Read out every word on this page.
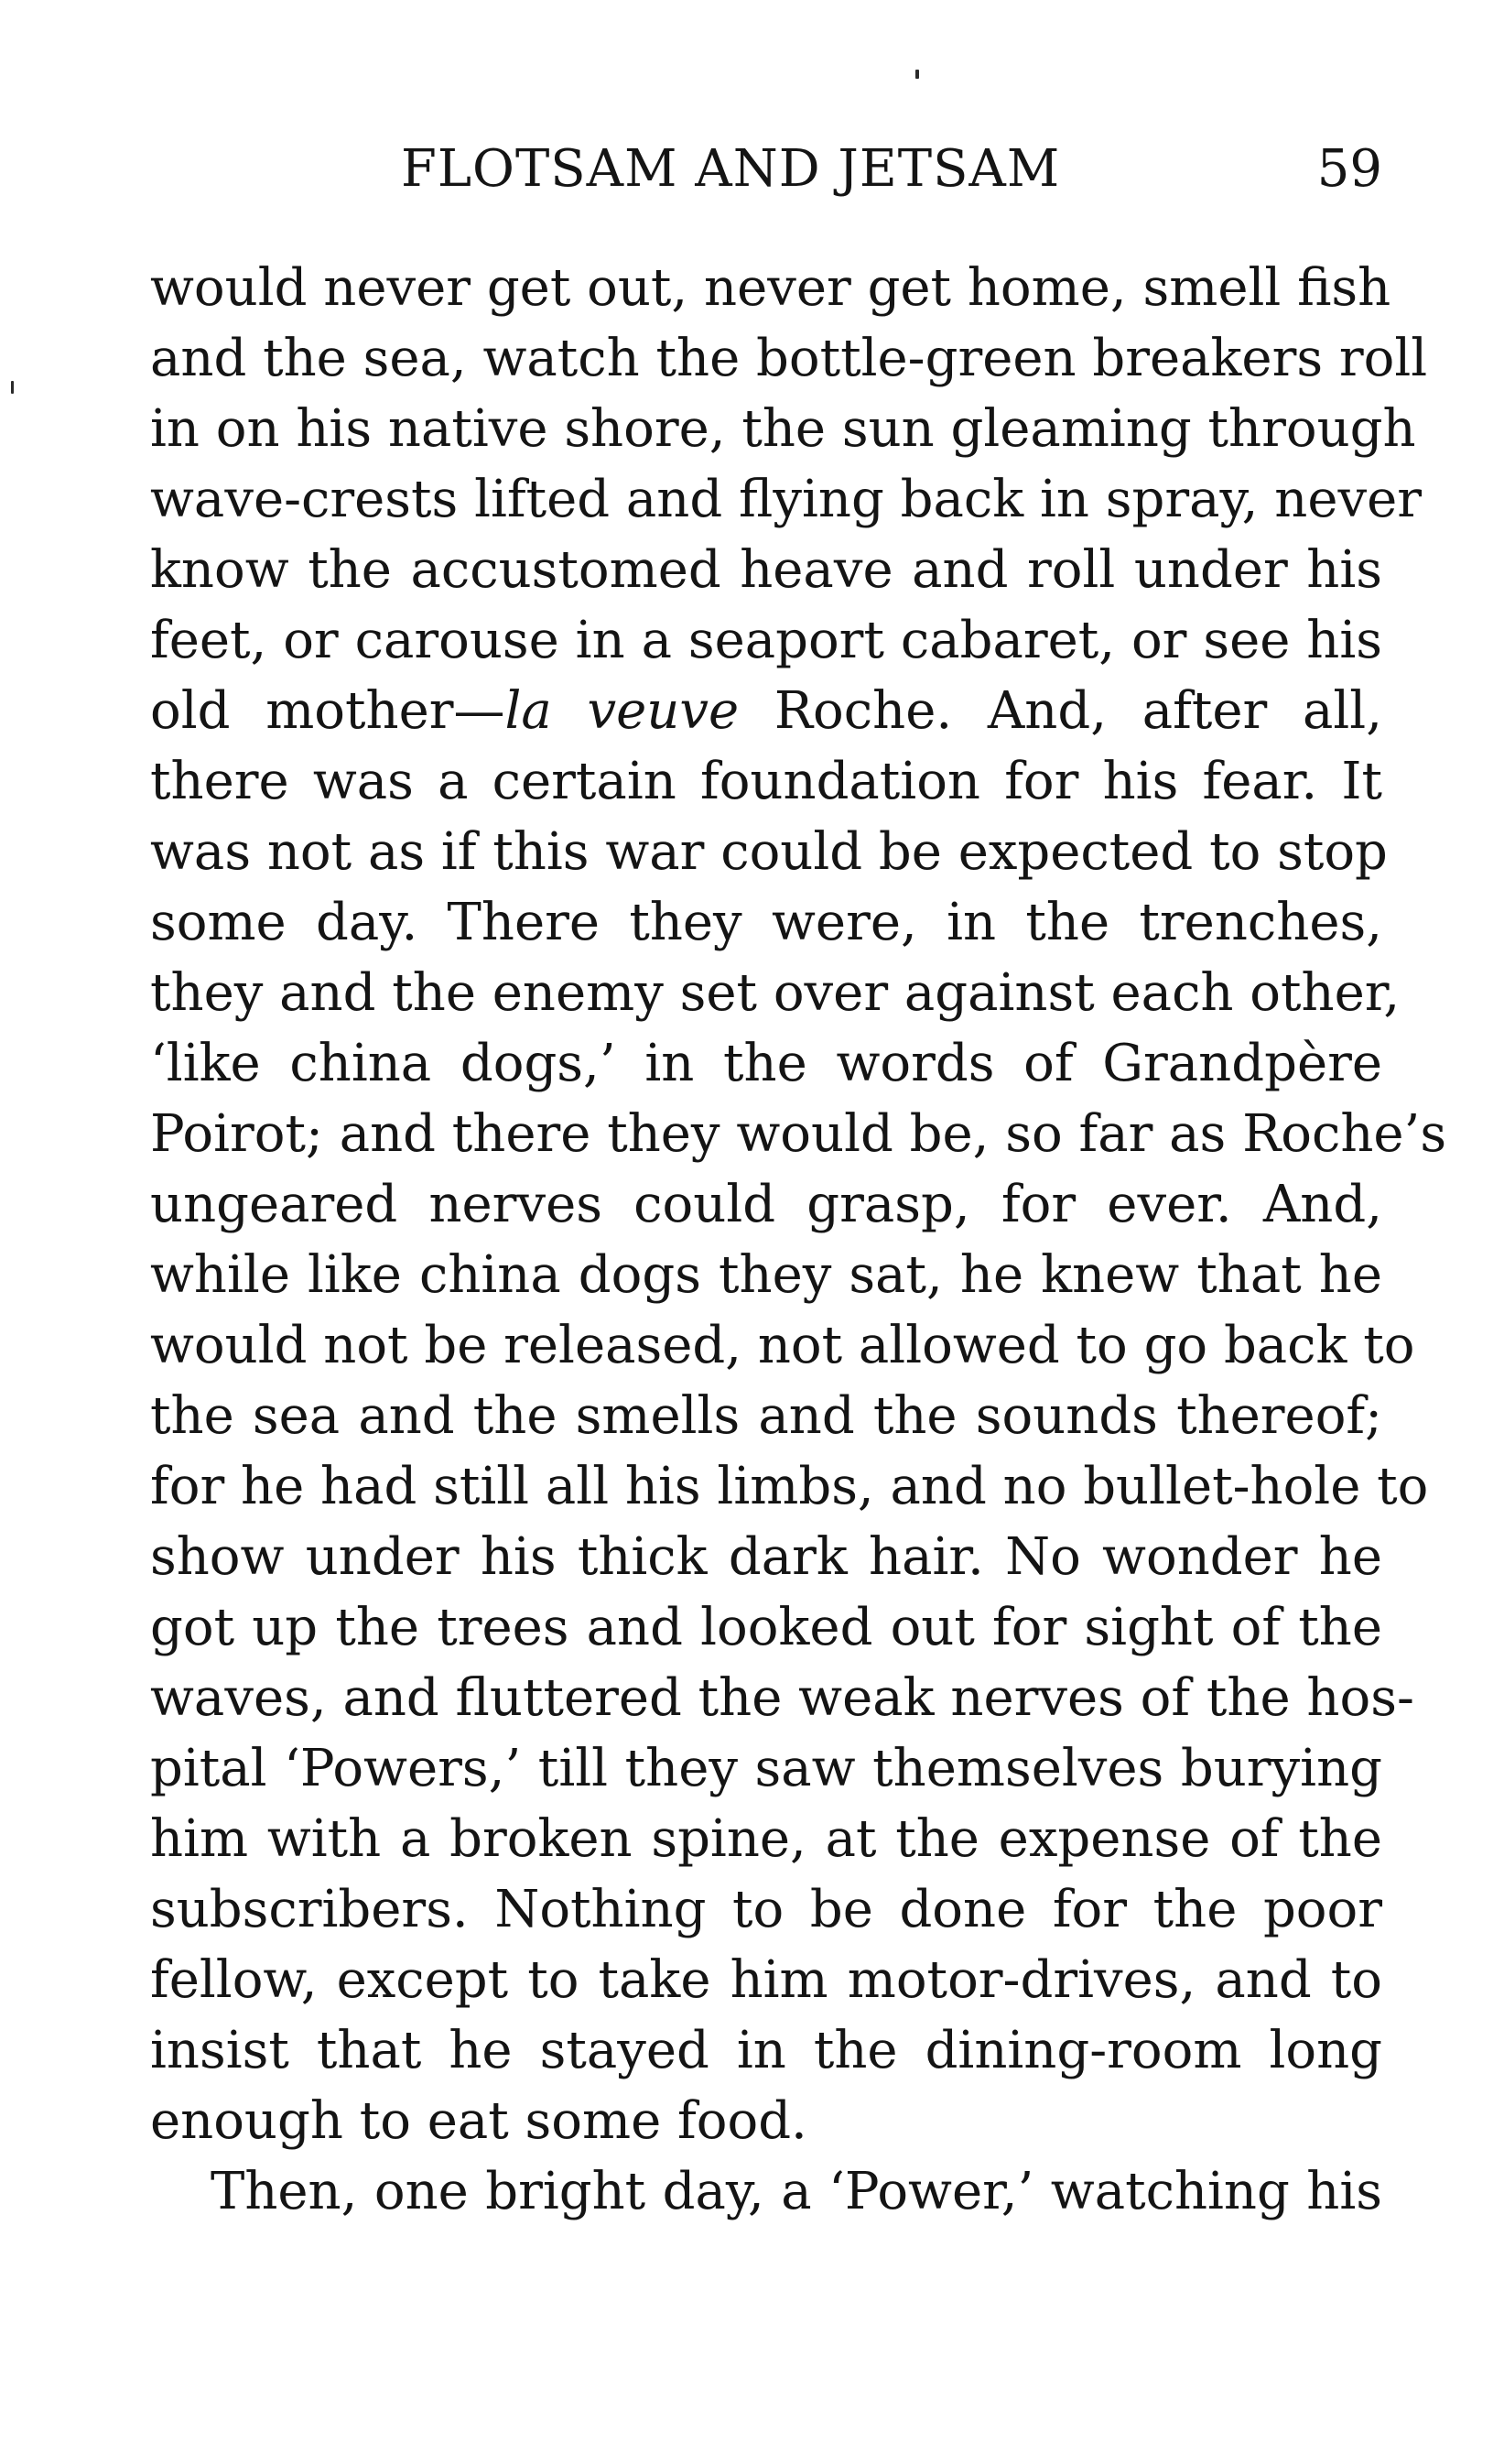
FLOTSAM AND JETSAM	59
would never get out, never get home, smell fish
and the sea, watch the bottle-green breakers roll
in on his native shore, the sun gleaming through
wave-crests lifted and flying back in spray, never
know the accustomed heave and roll under his
feet, or carouse in a seaport cabaret, or see his
old mother—la veuve Roche. And, after all,
there was a certain foundation for his fear. It
was not as if this war could be expected to stop
some day. There they were, in the trenches,
they and the enemy set over against each other,
‘like china dogs,’ in the words of Grandpère
Poirot; and there they would be, so far as Roche’s
ungeared nerves could grasp, for ever. And,
while like china dogs they sat, he knew that he
would not be released, not allowed to go back to
the sea and the smells and the sounds thereof;
for he had still all his limbs, and no bullet-hole to
show under his thick dark hair. No wonder he
got up the trees and looked out for sight of the
waves, and fluttered the weak nerves of the hos-
pital ‘Powers,’ till they saw themselves burying
him with a broken spine, at the expense of the
subscribers. Nothing to be done for the poor
fellow, except to take him motor-drives, and to
insist that he stayed in the dining-room long
enough to eat some food.
Then, one bright day, a ‘Power,’ watching his
